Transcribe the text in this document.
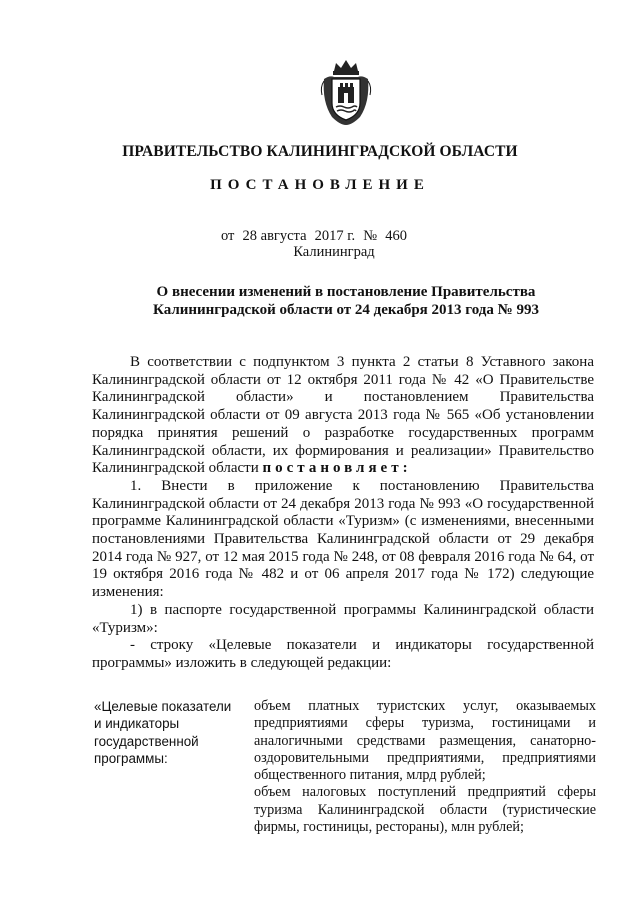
ПРАВИТЕЛЬСТВО КАЛИНИНГРАДСКОЙ ОБЛАСТИ
ПОСТАНОВЛЕНИЕ
от 28 августа 2017 г. № 460
Калининград
О внесении изменений в постановление Правительства
Калининградской области от 24 декабря 2013 года № 993

В соответствии с подпунктом 3 пункта 2 статьи 8 Уставного закона Калининградской области от 12 октября 2011 года № 42 «О Правительстве Калининградской области» и постановлением Правительства Калининградской области от 09 августа 2013 года № 565 «Об установлении порядка принятия решений о разработке государственных программ Калининградской области, их формирования и реализации» Правительство Калининградской области постановляет:

1. Внести в приложение к постановлению Правительства Калининградской области от 24 декабря 2013 года № 993 «О государственной программе Калининградской области «Туризм» (с изменениями, внесенными постановлениями Правительства Калининградской области от 29 декабря 2014 года № 927, от 12 мая 2015 года № 248, от 08 февраля 2016 года № 64, от 19 октября 2016 года № 482 и от 06 апреля 2017 года № 172) следующие изменения:

1) в паспорте государственной программы Калининградской области «Туризм»:

- строку «Целевые показатели и индикаторы государственной программы» изложить в следующей редакции:

«Целевые показатели и индикаторы государственной программы:

объем платных туристских услуг, оказываемых предприятиями сферы туризма, гостиницами и аналогичными средствами размещения, санаторно-оздоровительными предприятиями, предприятиями общественного питания, млрд рублей;

объем налоговых поступлений предприятий сферы туризма Калининградской области (туристические фирмы, гостиницы, рестораны), млн рублей;
